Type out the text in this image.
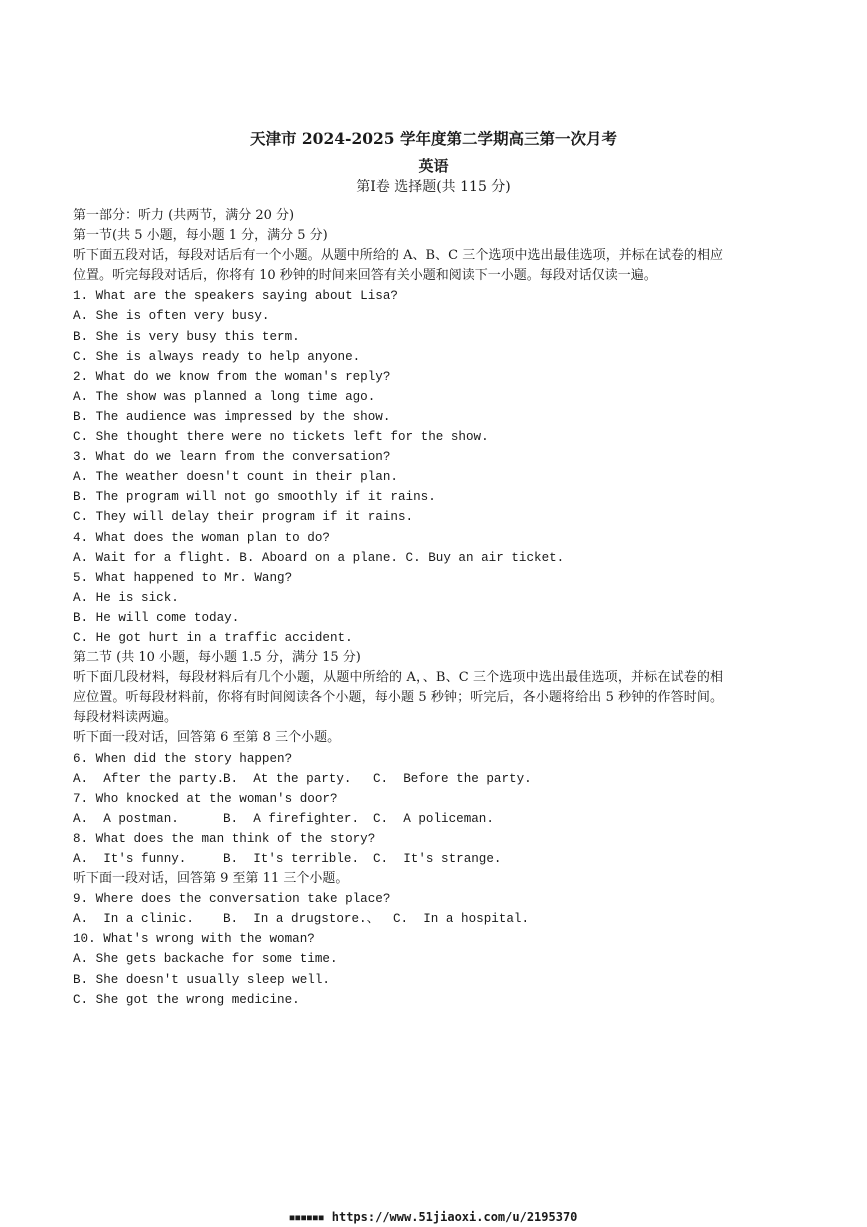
天津市 2024-2025 学年度第二学期高三第一次月考
英语
第Ⅰ卷 选择题(共 115 分)
第一部分：听力 (共两节，满分 20 分)
第一节(共 5 小题，每小题 1 分，满分 5 分)
听下面五段对话，每段对话后有一个小题。从题中所给的 A、B、C 三个选项中选出最佳选项，并标在试卷的相应位置。听完每段对话后，你将有 10 秒钟的时间来回答有关小题和阅读下一小题。每段对话仅读一遍。
1. What are the speakers saying about Lisa?
A. She is often very busy.
B. She is very busy this term.
C. She is always ready to help anyone.
2. What do we know from the woman's reply?
A. The show was planned a long time ago.
B. The audience was impressed by the show.
C. She thought there were no tickets left for the show.
3. What do we learn from the conversation?
A. The weather doesn't count in their plan.
B. The program will not go smoothly if it rains.
C. They will delay their program if it rains.
4. What does the woman plan to do?
A. Wait for a flight. B. Aboard on a plane. C. Buy an air ticket.
5. What happened to Mr. Wang?
A. He is sick.
B. He will come today.
C. He got hurt in a traffic accident.
第二节 (共 10 小题，每小题 1.5 分，满分 15 分)
听下面几段材料，每段材料后有几个小题，从题中所给的 A，、B、C 三个选项中选出最佳选项，并标在试卷的相应位置。听每段材料前，你将有时间阅读各个小题，每小题 5 秒钟；听完后，各小题将给出 5 秒钟的作答时间。每段材料读两遍。
听下面一段对话，回答第 6 至第 8 三个小题。
6. When did the story happen?
A.  After the party.B.  At the party. C.  Before the party.
7. Who knocked at the woman's door?
A.  A postman.	B.  A firefighter. C.  A policeman.
8. What does the man think of the story?
A.  It's funny.	B.  It's terrible. C.  It's strange.
听下面一段对话，回答第 9 至第 11 三个小题。
9. Where does the conversation take place?
A.  In a clinic. B.  In a drugstore.、 C.  In a hospital.
10. What's wrong with the woman?
A. She gets backache for some time.
B. She doesn't usually sleep well.
C. She got the wrong medicine.
■■■■■■ https://www.51jiaoxi.com/u/2195370
